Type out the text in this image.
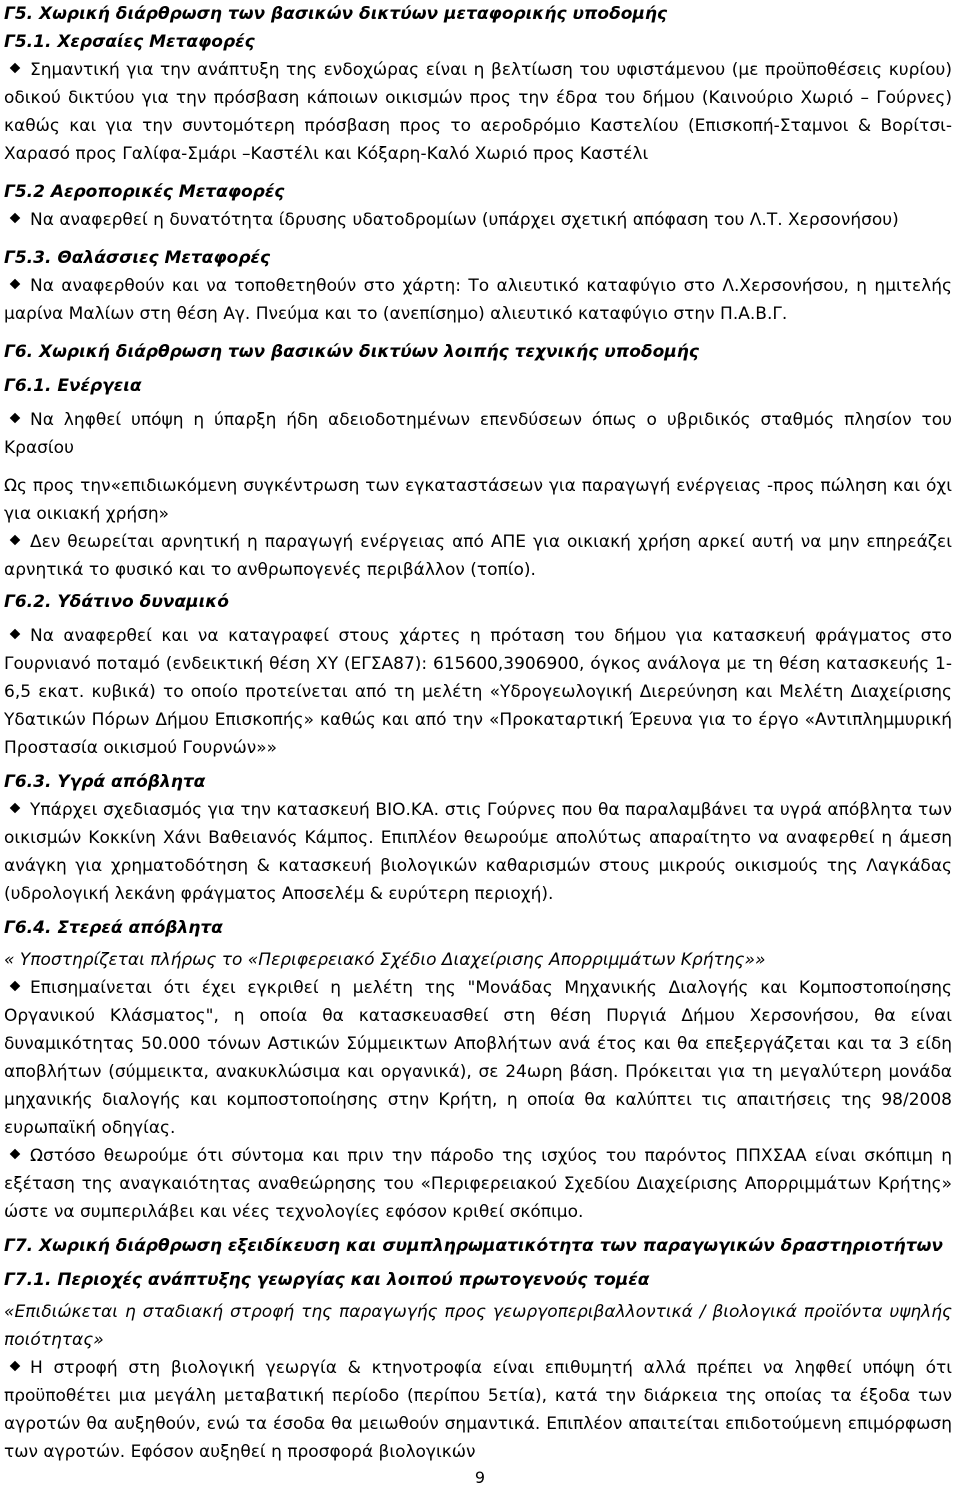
Γ5. Χωρική διάρθρωση των βασικών δικτύων μεταφορικής υποδομής

Γ5.1. Χερσαίες Μεταφορές

Σημαντική για την ανάπτυξη της ενδοχώρας είναι η βελτίωση του υφιστάμενου (με προϋποθέσεις κυρίου) οδικού δικτύου για την πρόσβαση κάποιων οικισμών προς την έδρα του δήμου (Καινούριο Χωριό – Γούρνες) καθώς και για την συντομότερη πρόσβαση προς το αεροδρόμιο Καστελίου (Επισκοπή-Σταμνοι & Βορίτσι-Χαρασό προς Γαλίφα-Σμάρι –Καστέλι και Κόξαρη-Καλό Χωριό προς Καστέλι

Γ5.2 Αεροπορικές Μεταφορές

Να αναφερθεί η δυνατότητα ίδρυσης υδατοδρομίων (υπάρχει σχετική απόφαση του Λ.Τ. Χερσονήσου)

Γ5.3. Θαλάσσιες Μεταφορές

Να αναφερθούν και να τοποθετηθούν στο χάρτη: Το αλιευτικό καταφύγιο στο Λ.Χερσονήσου, η ημιτελής μαρίνα Μαλίων στη θέση Αγ. Πνεύμα και το (ανεπίσημο) αλιευτικό καταφύγιο στην Π.Α.Β.Γ.

Γ6. Χωρική διάρθρωση των βασικών δικτύων λοιπής τεχνικής υποδομής

Γ6.1. Ενέργεια

Να ληφθεί υπόψη η ύπαρξη ήδη αδειοδοτημένων επενδύσεων όπως ο υβριδικός σταθμός πλησίον του Κρασίου

Ως προς την«επιδιωκόμενη συγκέντρωση των εγκαταστάσεων για παραγωγή ενέργειας -προς πώληση και όχι για οικιακή χρήση»

Δεν θεωρείται αρνητική η παραγωγή ενέργειας από ΑΠΕ για οικιακή χρήση αρκεί αυτή να μην επηρεάζει αρνητικά το φυσικό και το ανθρωπογενές περιβάλλον (τοπίο).

Γ6.2. Υδάτινο δυναμικό

Να αναφερθεί και να καταγραφεί στους χάρτες η πρόταση του δήμου για κατασκευή φράγματος στο Γουρνιανό ποταμό (ενδεικτική θέση ΧΥ (ΕΓΣΑ87): 615600,3906900, όγκος ανάλογα με τη θέση κατασκευής 1-6,5 εκατ. κυβικά) το οποίο προτείνεται από τη μελέτη «Υδρογεωλογική Διερεύνηση και Μελέτη Διαχείρισης Υδατικών Πόρων Δήμου Επισκοπής» καθώς και από την «Προκαταρτική Έρευνα για το έργο «Αντιπλημμυρική Προστασία οικισμού Γουρνών»»

Γ6.3. Υγρά απόβλητα

Υπάρχει σχεδιασμός για την κατασκευή ΒΙΟ.ΚΑ. στις Γούρνες που θα παραλαμβάνει τα υγρά απόβλητα των οικισμών Κοκκίνη Χάνι Βαθειανός Κάμπος. Επιπλέον θεωρούμε απολύτως απαραίτητο να αναφερθεί η άμεση ανάγκη για χρηματοδότηση & κατασκευή βιολογικών καθαρισμών στους μικρούς οικισμούς της Λαγκάδας (υδρολογική λεκάνη φράγματος Αποσελέμ & ευρύτερη περιοχή).

Γ6.4. Στερεά απόβλητα

« Υποστηρίζεται πλήρως το «Περιφερειακό Σχέδιο Διαχείρισης Απορριμμάτων Κρήτης»»

Επισημαίνεται ότι έχει εγκριθεί η μελέτη της "Μονάδας Μηχανικής Διαλογής και Κομποστοποίησης Οργανικού Κλάσματος", η οποία θα κατασκευασθεί στη θέση Πυργιά Δήμου Χερσονήσου, θα είναι δυναμικότητας 50.000 τόνων Αστικών Σύμμεικτων Αποβλήτων ανά έτος και θα επεξεργάζεται και τα 3 είδη αποβλήτων (σύμμεικτα, ανακυκλώσιμα και οργανικά), σε 24ωρη βάση. Πρόκειται για τη μεγαλύτερη μονάδα μηχανικής διαλογής και κομποστοποίησης στην Κρήτη, η οποία θα καλύπτει τις απαιτήσεις της 98/2008 ευρωπαϊκή οδηγίας.

Ωστόσο θεωρούμε ότι σύντομα και πριν την πάροδο της ισχύος του παρόντος ΠΠΧΣΑΑ είναι σκόπιμη η εξέταση της αναγκαιότητας αναθεώρησης του «Περιφερειακού Σχεδίου Διαχείρισης Απορριμμάτων Κρήτης» ώστε να συμπεριλάβει και νέες τεχνολογίες εφόσον κριθεί σκόπιμο.

Γ7. Χωρική διάρθρωση εξειδίκευση και συμπληρωματικότητα των παραγωγικών δραστηριοτήτων

Γ7.1. Περιοχές ανάπτυξης γεωργίας και λοιπού πρωτογενούς τομέα

«Επιδιώκεται η σταδιακή στροφή της παραγωγής προς γεωργοπεριβαλλοντικά / βιολογικά προϊόντα υψηλής ποιότητας»

Η στροφή στη βιολογική γεωργία & κτηνοτροφία είναι επιθυμητή αλλά πρέπει να ληφθεί υπόψη ότι προϋποθέτει μια μεγάλη μεταβατική περίοδο (περίπου 5ετία), κατά την διάρκεια της οποίας τα έξοδα των αγροτών θα αυξηθούν, ενώ τα έσοδα θα μειωθούν σημαντικά. Επιπλέον απαιτείται επιδοτούμενη επιμόρφωση των αγροτών. Εφόσον αυξηθεί η προσφορά βιολογικών

9
